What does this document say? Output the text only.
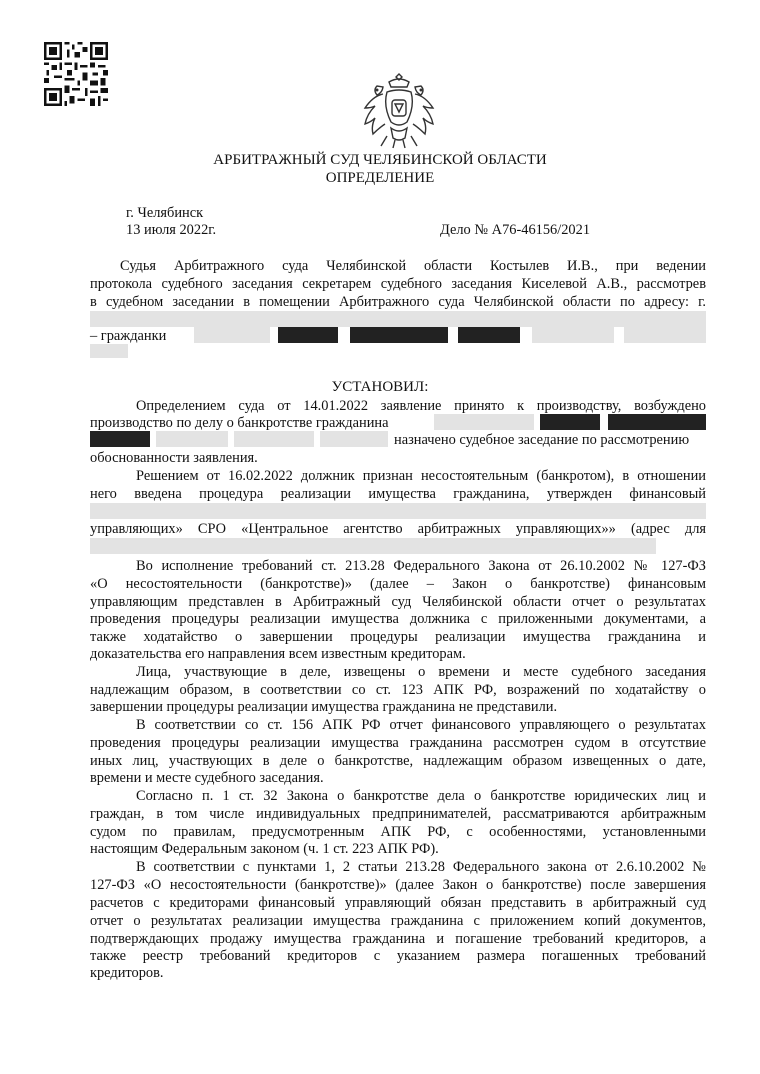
АРБИТРАЖНЫЙ СУД ЧЕЛЯБИНСКОЙ ОБЛАСТИ
ОПРЕДЕЛЕНИЕ
г. Челябинск
13 июля 2022г.	Дело № А76-46156/2021
Судья Арбитражного суда Челябинской области Костылев И.В., при ведении
протокола судебного заседания секретарем судебного заседания Киселевой А.В., рассмотрев
в судебном заседании в помещении Арбитражного суда Челябинской области по адресу: г.
– гражданки
УСТАНОВИЛ:
Определением суда от 14.01.2022 заявление принято к производству, возбуждено
производство по делу о банкротстве гражданина
назначено судебное заседание по рассмотрению
обоснованности заявления.
Решением от 16.02.2022 должник признан несостоятельным (банкротом), в отношении
него введена процедура реализации имущества гражданина, утвержден финансовый
управляющих» СРО «Центральное агентство арбитражных управляющих»» (адрес для
Во исполнение требований ст. 213.28 Федерального Закона от 26.10.2002 № 127-ФЗ
«О несостоятельности (банкротстве)» (далее – Закон о банкротстве) финансовым
управляющим представлен в Арбитражный суд Челябинской области отчет о результатах
проведения процедуры реализации имущества должника с приложенными документами, а
также ходатайство о завершении процедуры реализации имущества гражданина и
доказательства его направления всем известным кредиторам.
Лица, участвующие в деле, извещены о времени и месте судебного заседания
надлежащим образом, в соответствии со ст. 123 АПК РФ, возражений по ходатайству о
завершении процедуры реализации имущества гражданина не представили.
В соответствии со ст. 156 АПК РФ отчет финансового управляющего о результатах
проведения процедуры реализации имущества гражданина рассмотрен судом в отсутствие
иных лиц, участвующих в деле о банкротстве, надлежащим образом извещенных о дате,
времени и месте судебного заседания.
Согласно п. 1 ст. 32 Закона о банкротстве дела о банкротстве юридических лиц и
граждан, в том числе индивидуальных предпринимателей, рассматриваются арбитражным
судом по правилам, предусмотренным АПК РФ, с особенностями, установленными
настоящим Федеральным законом (ч. 1 ст. 223 АПК РФ).
В соответствии с пунктами 1, 2 статьи 213.28 Федерального закона от 2.6.10.2002 №
127-ФЗ «О несостоятельности (банкротстве)» (далее Закон о банкротстве) после завершения
расчетов с кредиторами финансовый управляющий обязан представить в арбитражный суд
отчет о результатах реализации имущества гражданина с приложением копий документов,
подтверждающих продажу имущества гражданина и погашение требований кредиторов, а
также реестр требований кредиторов с указанием размера погашенных требований
кредиторов.
